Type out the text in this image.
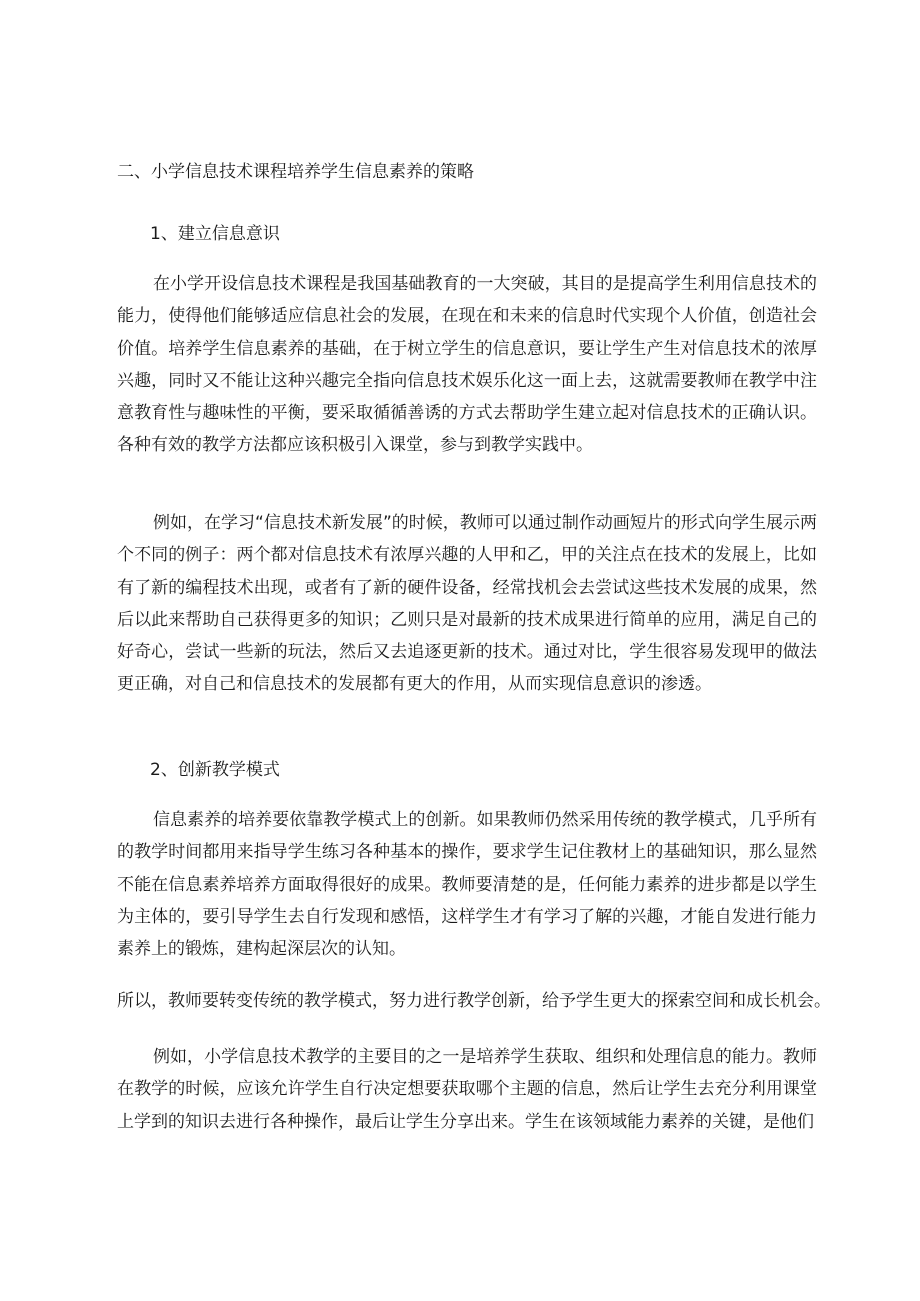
二、小学信息技术课程培养学生信息素养的策略
1、建立信息意识

在小学开设信息技术课程是我国基础教育的一大突破，其目的是提高学生利用信息技术的能力，使得他们能够适应信息社会的发展，在现在和未来的信息时代实现个人价值，创造社会价值。培养学生信息素养的基础，在于树立学生的信息意识，要让学生产生对信息技术的浓厚兴趣，同时又不能让这种兴趣完全指向信息技术娱乐化这一面上去，这就需要教师在教学中注意教育性与趣味性的平衡，要采取循循善诱的方式去帮助学生建立起对信息技术的正确认识。各种有效的教学方法都应该积极引入课堂，参与到教学实践中。

例如，在学习“信息技术新发展”的时候，教师可以通过制作动画短片的形式向学生展示两个不同的例子：两个都对信息技术有浓厚兴趣的人甲和乙，甲的关注点在技术的发展上，比如有了新的编程技术出现，或者有了新的硬件设备，经常找机会去尝试这些技术发展的成果，然后以此来帮助自己获得更多的知识；乙则只是对最新的技术成果进行简单的应用，满足自己的好奇心，尝试一些新的玩法，然后又去追逐更新的技术。通过对比，学生很容易发现甲的做法更正确，对自己和信息技术的发展都有更大的作用，从而实现信息意识的渗透。

2、创新教学模式

信息素养的培养要依靠教学模式上的创新。如果教师仍然采用传统的教学模式，几乎所有的教学时间都用来指导学生练习各种基本的操作，要求学生记住教材上的基础知识，那么显然不能在信息素养培养方面取得很好的成果。教师要清楚的是，任何能力素养的进步都是以学生为主体的，要引导学生去自行发现和感悟，这样学生才有学习了解的兴趣，才能自发进行能力素养上的锻炼，建构起深层次的认知。

所以，教师要转变传统的教学模式，努力进行教学创新，给予学生更大的探索空间和成长机会。

例如，小学信息技术教学的主要目的之一是培养学生获取、组织和处理信息的能力。教师在教学的时候，应该允许学生自行决定想要获取哪个主题的信息，然后让学生去充分利用课堂上学到的知识去进行各种操作，最后让学生分享出来。学生在该领域能力素养的关键，是他们
